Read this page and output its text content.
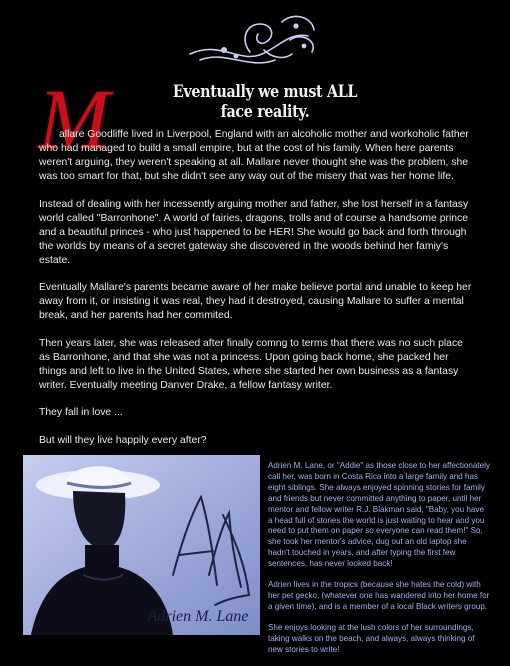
Eventually we must ALL face reality.
M

allare Goodliffe lived in Liverpool, England with an alcoholic mother and workoholic father who had managed to build a small empire, but at the cost of his family. When here parents weren't arguing, they weren't speaking at all. Mallare never thought she was the problem, she was too smart for that, but she didn't see any way out of the misery that was her home life.

Instead of dealing with her incessently arguing mother and father, she lost herself in a fantasy world called "Barronhone". A world of fairies, dragons, trolls and of course a handsome prince and a beautiful princes - who just happened to be HER! She would go back and forth through the worlds by means of a secret gateway she discovered in the woods behind her famiy's estate.

Eventually Mallare's parents became aware of her make believe portal and unable to keep her away from it, or insisting it was real, they had it destroyed, causing Mallare to suffer a mental break, and her parents had her commited.

Then years later, she was released after finally comng to terms that there was no such place as Barronhone, and that she was not a princess. Upon going back home, she packed her things and left to live in the United States, where she started her own business as a fantasy writer. Eventually meeting Danver Drake, a fellow fantasy writer.

They fall in love ...

But will they live happily every after?

Adrien M. Lane

Adrien M. Lane, or "Addie" as those close to her affectionately call her, was born in Costa Rica into a large family and has eight siblings. She always enjoyed spinning stories for family and friends but never committed anything to paper, until her mentor and fellow writer R.J. Blakman said, "Baby, you have a head full of stories the world is just waiting to hear and you need to put them on paper so everyone can read them!" So, she took her mentor's advice, dug out an old laptop she hadn't touched in years, and after typing the first few sentences, has never looked back!

Adrien lives in the tropics (because she hates the cold) with her pet gecko, (whatever one has wandered into her home for a given time), and is a member of a local Black writers group.

She enjoys looking at the lush colors of her surroundings, taking walks on the beach, and always, always thinking of new stories to write!
